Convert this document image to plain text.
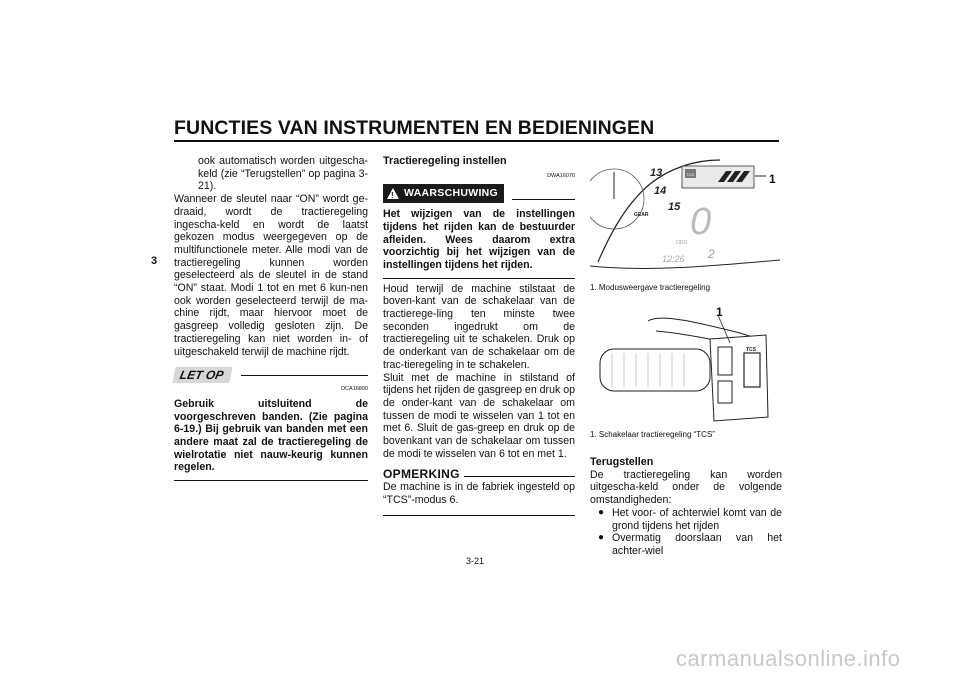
FUNCTIES VAN INSTRUMENTEN EN BEDIENINGEN
3

ook automatisch worden uitgescha-keld (zie “Terugstellen” op pagina 3-21).

Wanneer de sleutel naar “ON” wordt ge-draaid, wordt de tractieregeling ingescha-keld en wordt de laatst gekozen modus weergegeven op de multifunctionele meter. Alle modi van de tractieregeling kunnen worden geselecteerd als de sleutel in de stand “ON” staat. Modi 1 tot en met 6 kun-nen ook worden geselecteerd terwijl de ma-chine rijdt, maar hiervoor moet de gasgreep volledig gesloten zijn. De tractieregeling kan niet worden in- of uitgeschakeld terwijl de machine rijdt.

LET OP
DCA16800

Gebruik uitsluitend de voorgeschreven banden. (Zie pagina 6-19.) Bij gebruik van banden met een andere maat zal de tractieregeling de wielrotatie niet nauw-keurig kunnen regelen.

Tractieregeling instellen

DWA16070
! WAARSCHUWING

Het wijzigen van de instellingen tijdens het rijden kan de bestuurder afleiden. Wees daarom extra voorzichtig bij het wijzigen van de instellingen tijdens het rijden.

Houd terwijl de machine stilstaat de boven-kant van de schakelaar van de tractierege-ling ten minste twee seconden ingedrukt om de tractieregeling uit te schakelen. Druk op de onderkant van de schakelaar om de trac-tieregeling in te schakelen.

Sluit met de machine in stilstand of tijdens het rijden de gasgreep en druk op de onder-kant van de schakelaar om tussen de modi te wisselen van 1 tot en met 6. Sluit de gas-greep en druk op de bovenkant van de schakelaar om tussen de modi te wisselen van 6 tot en met 1.

OPMERKING

De machine is in de fabriek ingesteld op “TCS”-modus 6.

TCS
13
14
15
GEAR 0
ODO
2
12:26
1
1. Modusweergave tractieregeling
TCS
1
1. Schakelaar tractieregeling “TCS”

Terugstellen

De tractieregeling kan worden uitgescha-keld onder de volgende omstandigheden:

● Het voor- of achterwiel komt van de grond tijdens het rijden
● Overmatig doorslaan van het achter-wiel
3-21
carmanualsonline.info
